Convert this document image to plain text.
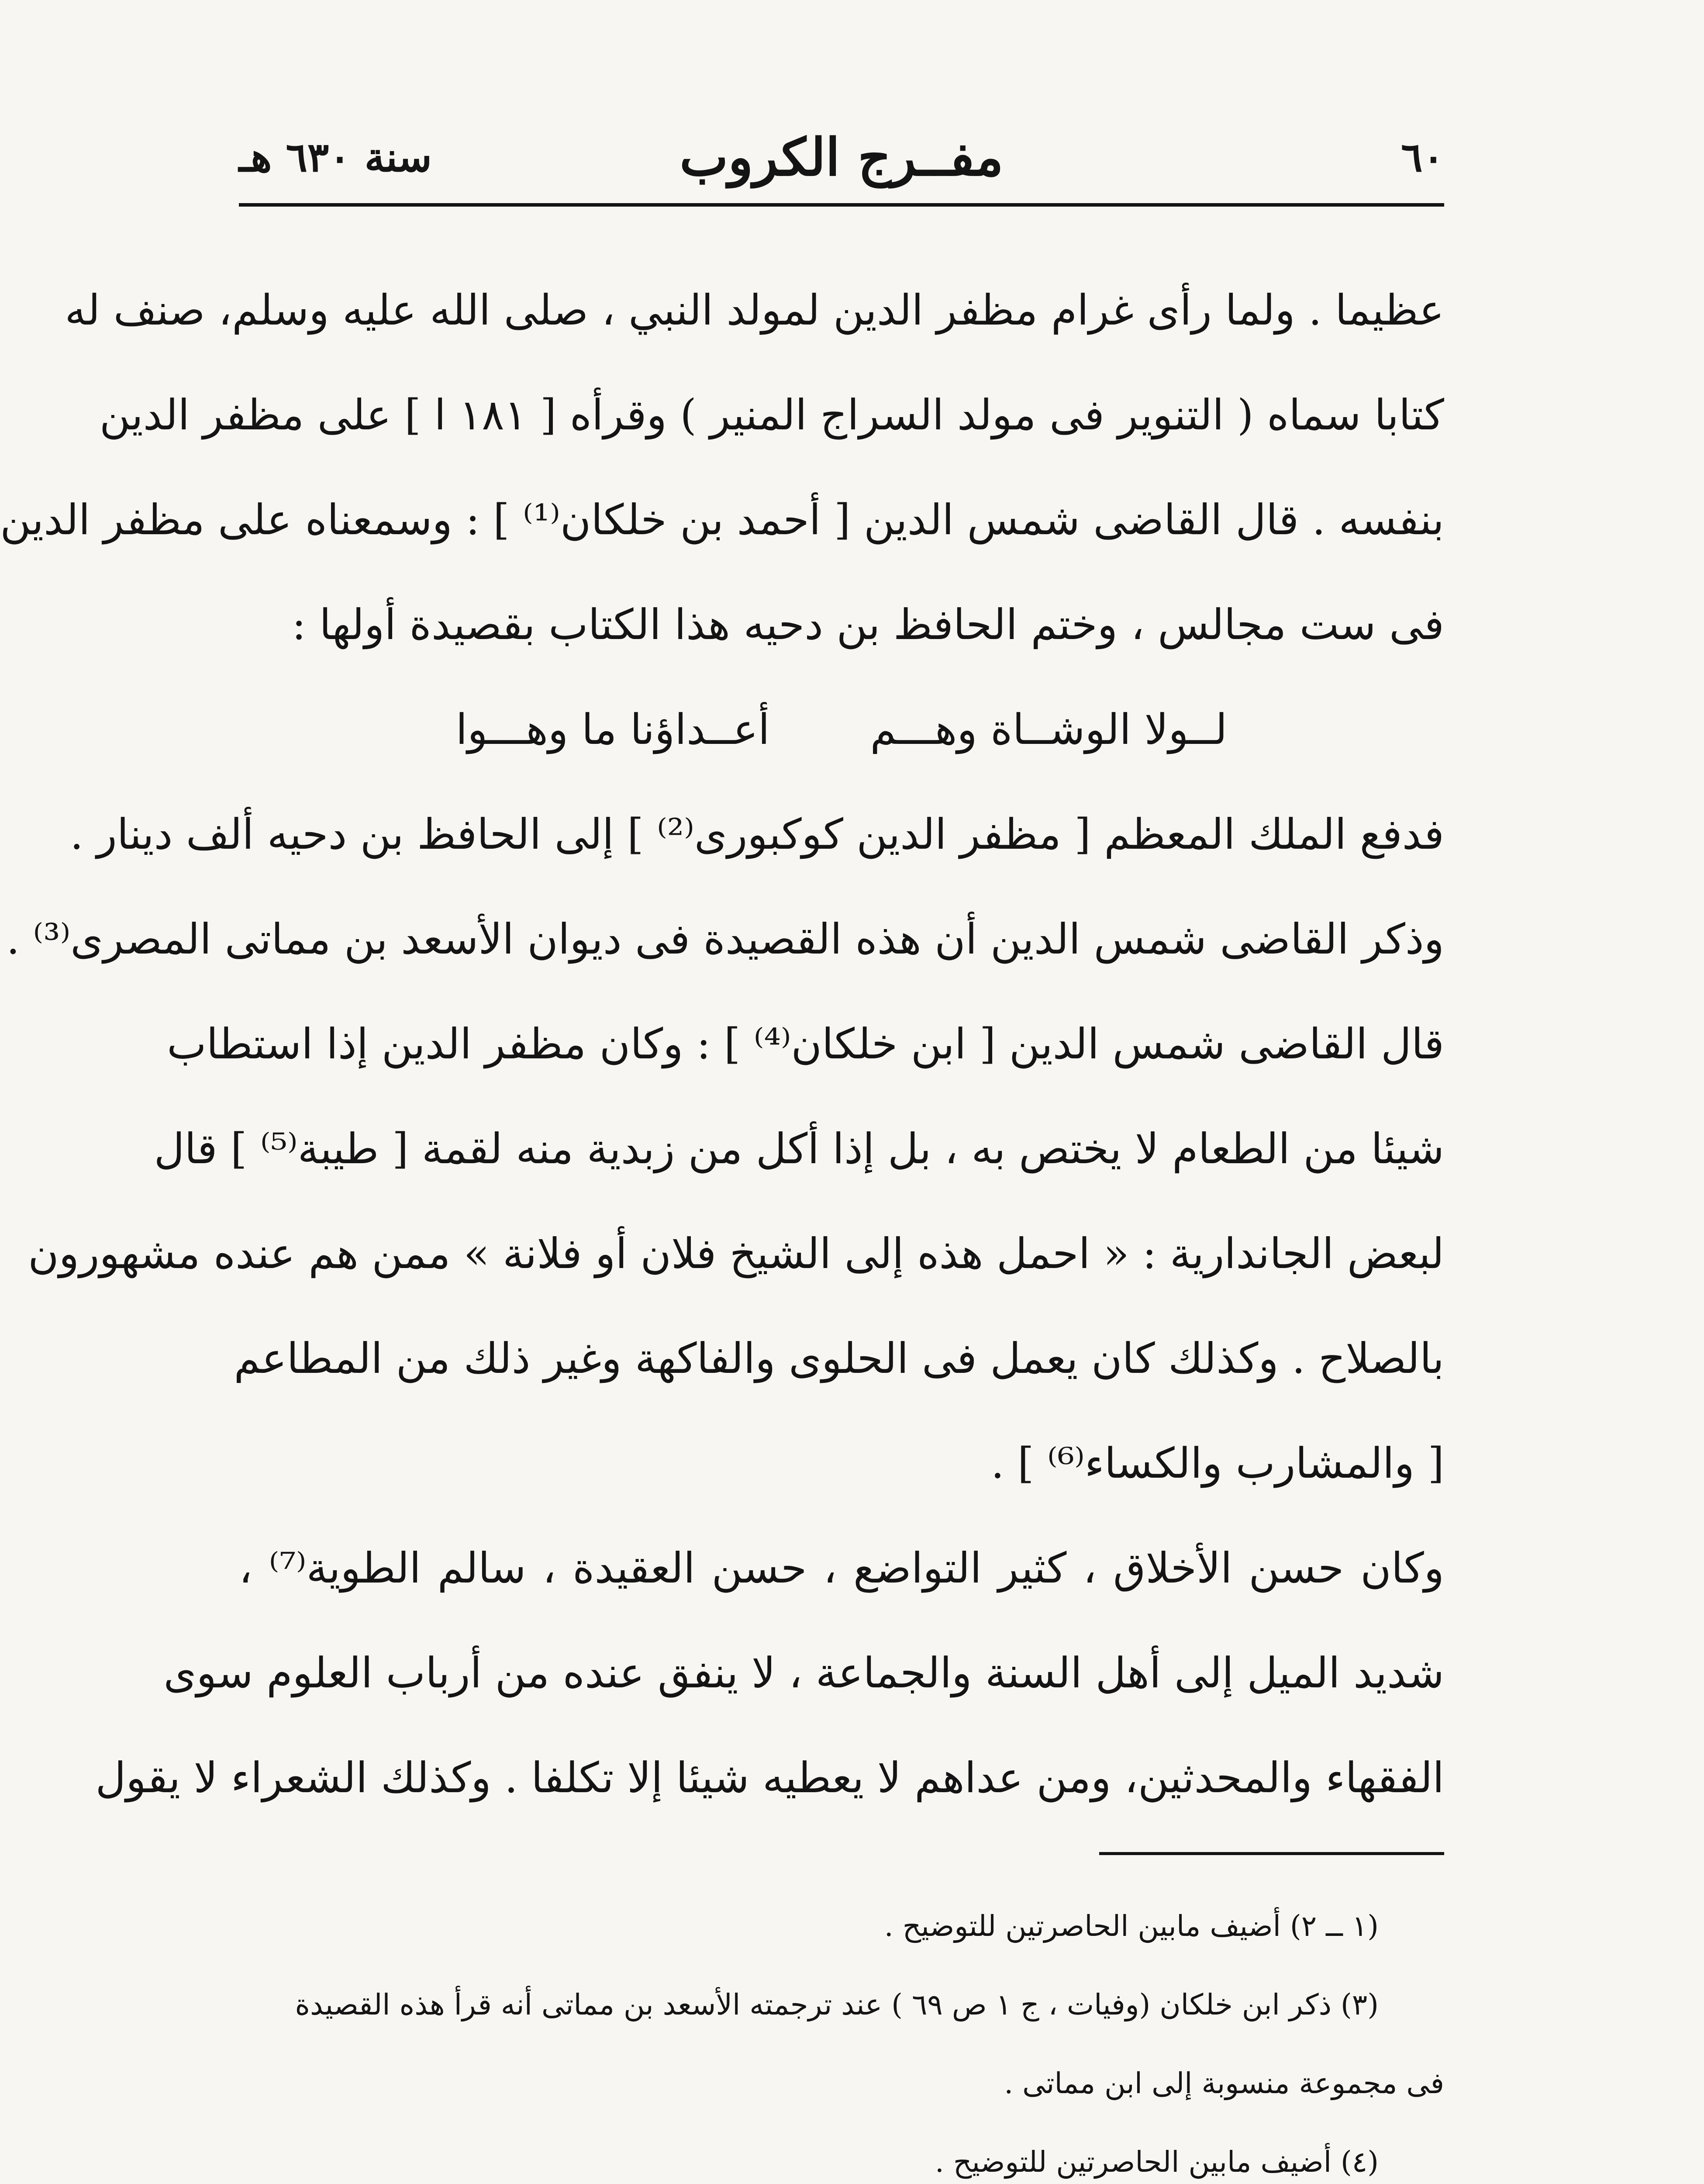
٦٠
مفــرج الكروب
سنة ٦٣٠ هـ
عظيما . ولما رأى غرام مظفر الدين لمولد النبي ، صلى الله عليه وسلم، صنف له
كتابا سماه ( التنوير فى مولد السراج المنير ) وقرأه [ ١٨١ ا ] على مظفر الدين
بنفسه . قال القاضى شمس الدين [ أحمد بن خلكان⁽¹⁾ ] : وسمعناه على مظفر الدين
فى ست مجالس ، وختم الحافظ بن دحيه هذا الكتاب بقصيدة أولها :
لــولا الوشــاة وهـــم
أعــداؤنا ما وهـــوا
فدفع الملك المعظم [ مظفر الدين كوكبورى⁽²⁾ ] إلى الحافظ بن دحيه ألف دينار .
وذكر القاضى شمس الدين أن هذه القصيدة فى ديوان الأسعد بن مماتى المصرى⁽³⁾ .
قال القاضى شمس الدين [ ابن خلكان⁽⁴⁾ ] : وكان مظفر الدين إذا استطاب
شيئا من الطعام لا يختص به ، بل إذا أكل من زبدية منه لقمة [ طيبة⁽⁵⁾ ] قال
لبعض الجاندارية : « احمل هذه إلى الشيخ فلان أو فلانة » ممن هم عنده مشهورون
بالصلاح . وكذلك كان يعمل فى الحلوى والفاكهة وغير ذلك من المطاعم
[ والمشارب والكساء⁽⁶⁾ ] .
وكان حسن الأخلاق ، كثير التواضع ، حسن العقيدة ، سالم الطوية⁽⁷⁾ ،
شديد الميل إلى أهل السنة والجماعة ، لا ينفق عنده من أرباب العلوم سوى
الفقهاء والمحدثين، ومن عداهم لا يعطيه شيئا إلا تكلفا . وكذلك الشعراء لا يقول
(١ ــ ٢) أضيف مابين الحاصرتين للتوضيح .
(٣) ذكر ابن خلكان (وفيات ، ج ١ ص ٦٩ ) عند ترجمته الأسعد بن مماتى أنه قرأ هذه القصيدة
فى مجموعة منسوبة إلى ابن مماتى .
(٤) أضيف مابين الحاصرتين للتوضيح .
